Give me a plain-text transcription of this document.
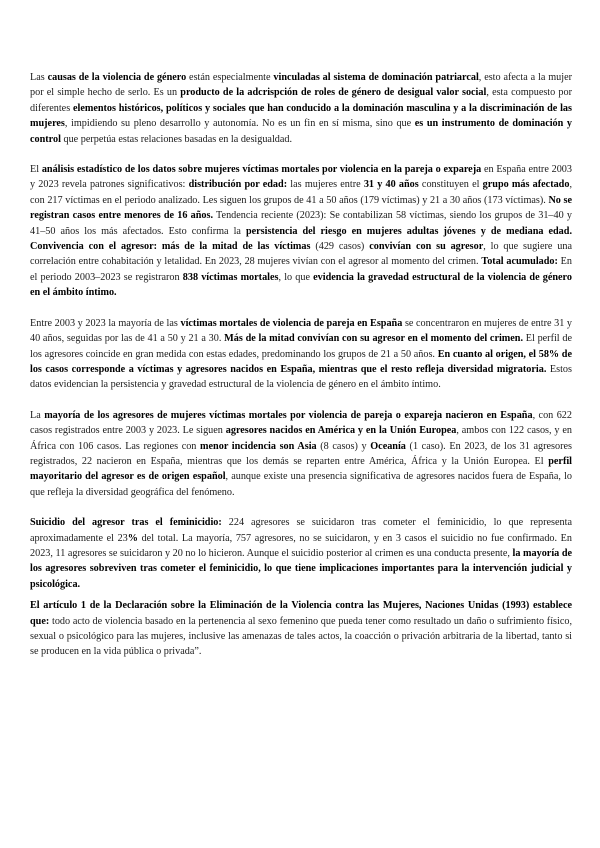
Las causas de la violencia de género están especialmente vinculadas al sistema de dominación patriarcal, esto afecta a la mujer por el simple hecho de serlo. Es un producto de la adcrispción de roles de género de desigual valor social, esta compuesto por diferentes elementos históricos, políticos y sociales que han conducido a la dominación masculina y a la discriminación de las mujeres, impidiendo su pleno desarrollo y autonomía. No es un fin en sí misma, sino que es un instrumento de dominación y control que perpetúa estas relaciones basadas en la desigualdad.

El análisis estadístico de los datos sobre mujeres víctimas mortales por violencia en la pareja o expareja en España entre 2003 y 2023 revela patrones significativos: distribución por edad: las mujeres entre 31 y 40 años constituyen el grupo más afectado, con 217 víctimas en el periodo analizado. Les siguen los grupos de 41 a 50 años (179 víctimas) y 21 a 30 años (173 víctimas). No se registran casos entre menores de 16 años. Tendencia reciente (2023): Se contabilizan 58 víctimas, siendo los grupos de 31–40 y 41–50 años los más afectados. Esto confirma la persistencia del riesgo en mujeres adultas jóvenes y de mediana edad. Convivencia con el agresor: más de la mitad de las víctimas (429 casos) convivían con su agresor, lo que sugiere una correlación entre cohabitación y letalidad. En 2023, 28 mujeres vivían con el agresor al momento del crimen. Total acumulado: En el periodo 2003–2023 se registraron 838 víctimas mortales, lo que evidencia la gravedad estructural de la violencia de género en el ámbito íntimo.

Entre 2003 y 2023 la mayoría de las víctimas mortales de violencia de pareja en España se concentraron en mujeres de entre 31 y 40 años, seguidas por las de 41 a 50 y 21 a 30. Más de la mitad convivían con su agresor en el momento del crimen. El perfil de los agresores coincide en gran medida con estas edades, predominando los grupos de 21 a 50 años. En cuanto al origen, el 58% de los casos corresponde a víctimas y agresores nacidos en España, mientras que el resto refleja diversidad migratoria. Estos datos evidencian la persistencia y gravedad estructural de la violencia de género en el ámbito íntimo.

La mayoría de los agresores de mujeres víctimas mortales por violencia de pareja o expareja nacieron en España, con 622 casos registrados entre 2003 y 2023. Le siguen agresores nacidos en América y en la Unión Europea, ambos con 122 casos, y en África con 106 casos. Las regiones con menor incidencia son Asia (8 casos) y Oceanía (1 caso). En 2023, de los 31 agresores registrados, 22 nacieron en España, mientras que los demás se reparten entre América, África y la Unión Europea. El perfil mayoritario del agresor es de origen español, aunque existe una presencia significativa de agresores nacidos fuera de España, lo que refleja la diversidad geográfica del fenómeno.

Suicidio del agresor tras el feminicidio: 224 agresores se suicidaron tras cometer el feminicidio, lo que representa aproximadamente el 23% del total. La mayoría, 757 agresores, no se suicidaron, y en 3 casos el suicidio no fue confirmado. En 2023, 11 agresores se suicidaron y 20 no lo hicieron. Aunque el suicidio posterior al crimen es una conducta presente, la mayoría de los agresores sobreviven tras cometer el feminicidio, lo que tiene implicaciones importantes para la intervención judicial y psicológica.

El artículo 1 de la Declaración sobre la Eliminación de la Violencia contra las Mujeres, Naciones Unidas (1993) establece que: todo acto de violencia basado en la pertenencia al sexo femenino que pueda tener como resultado un daño o sufrimiento físico, sexual o psicológico para las mujeres, inclusive las amenazas de tales actos, la coacción o privación arbitraria de la libertad, tanto si se producen en la vida pública o privada”.
